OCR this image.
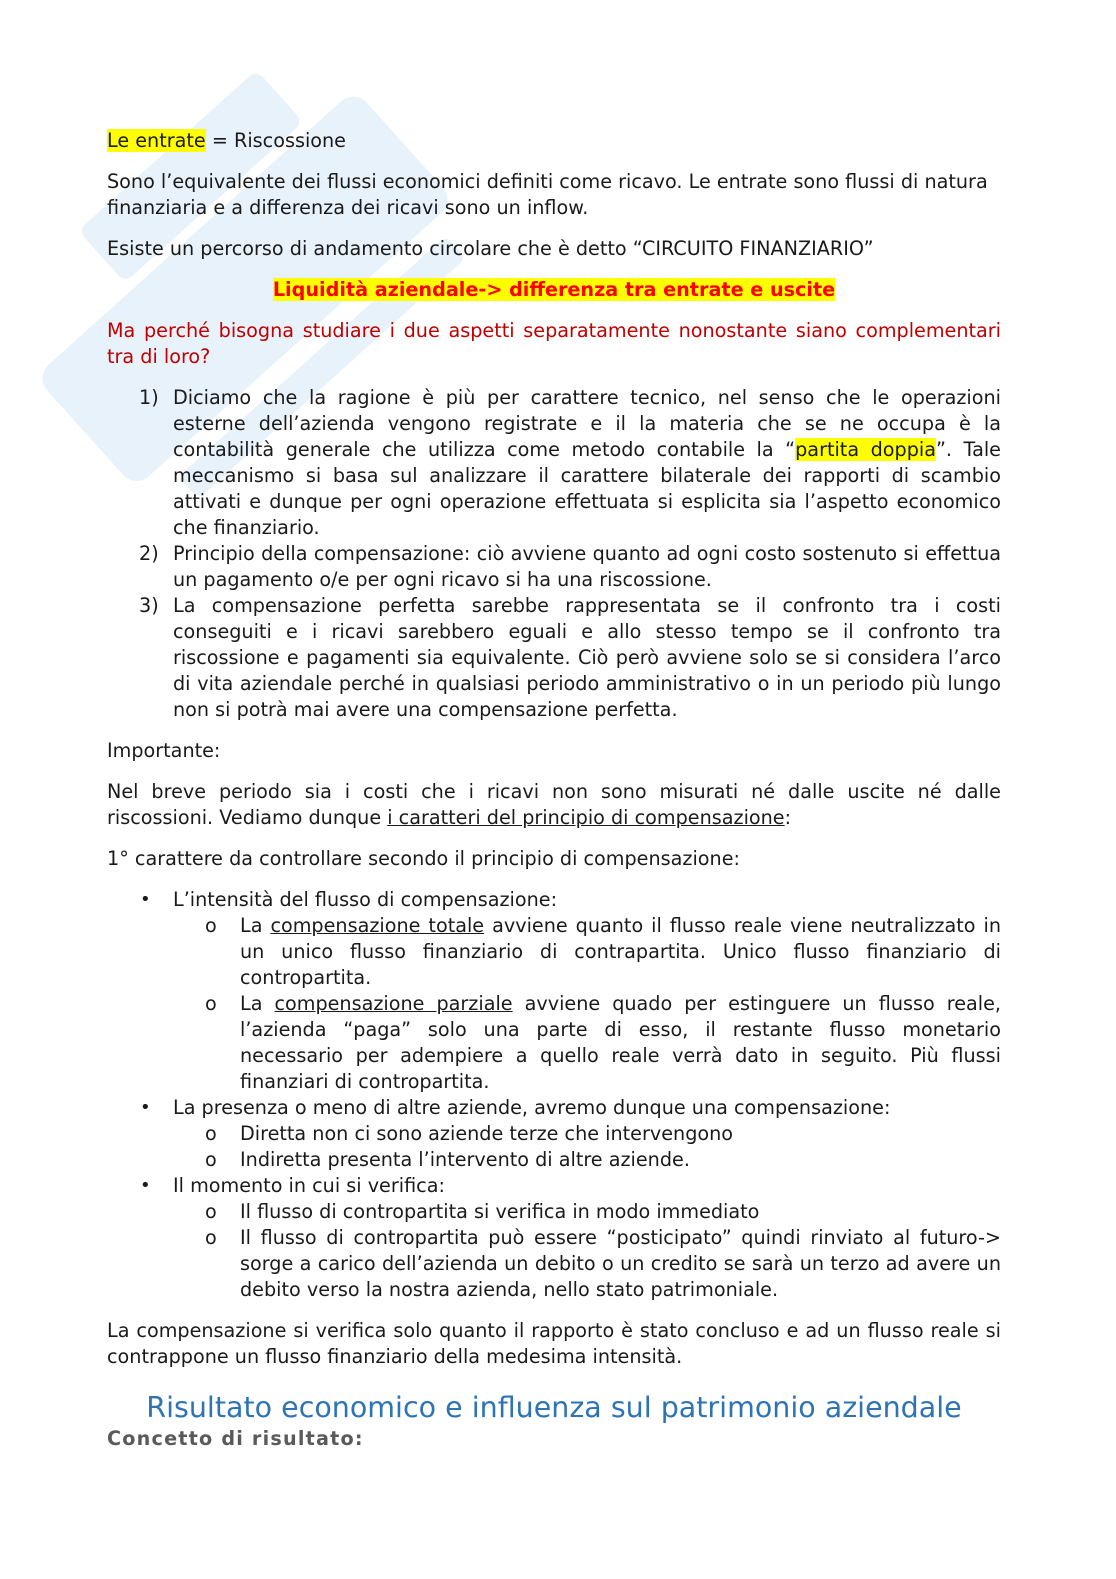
Le entrate = Riscossione

Sono l’equivalente dei flussi economici definiti come ricavo. Le entrate sono flussi di natura finanziaria e a differenza dei ricavi sono un inflow.

Esiste un percorso di andamento circolare che è detto “CIRCUITO FINANZIARIO”

Liquidità aziendale-> differenza tra entrate e uscite

Ma perché bisogna studiare i due aspetti separatamente nonostante siano complementari tra di loro?

1) Diciamo che la ragione è più per carattere tecnico, nel senso che le operazioni esterne dell’azienda vengono registrate e il la materia che se ne occupa è la contabilità generale che utilizza come metodo contabile la “partita doppia”. Tale meccanismo si basa sul analizzare il carattere bilaterale dei rapporti di scambio attivati e dunque per ogni operazione effettuata si esplicita sia l’aspetto economico che finanziario.
2) Principio della compensazione: ciò avviene quanto ad ogni costo sostenuto si effettua un pagamento o/e per ogni ricavo si ha una riscossione.
3) La compensazione perfetta sarebbe rappresentata se il confronto tra i costi conseguiti e i ricavi sarebbero eguali e allo stesso tempo se il confronto tra riscossione e pagamenti sia equivalente. Ciò però avviene solo se si considera l’arco di vita aziendale perché in qualsiasi periodo amministrativo o in un periodo più lungo non si potrà mai avere una compensazione perfetta.

Importante:

Nel breve periodo sia i costi che i ricavi non sono misurati né dalle uscite né dalle riscossioni. Vediamo dunque i caratteri del principio di compensazione:

1° carattere da controllare secondo il principio di compensazione:

• L’intensità del flusso di compensazione:
o La compensazione totale avviene quanto il flusso reale viene neutralizzato in un unico flusso finanziario di contrapartita. Unico flusso finanziario di contropartita.
o La compensazione parziale avviene quado per estinguere un flusso reale, l’azienda “paga” solo una parte di esso, il restante flusso monetario necessario per adempiere a quello reale verrà dato in seguito. Più flussi finanziari di contropartita.
• La presenza o meno di altre aziende, avremo dunque una compensazione:
o Diretta non ci sono aziende terze che intervengono
o Indiretta presenta l’intervento di altre aziende.
• Il momento in cui si verifica:
o Il flusso di contropartita si verifica in modo immediato
o Il flusso di contropartita può essere “posticipato” quindi rinviato al futuro-> sorge a carico dell’azienda un debito o un credito se sarà un terzo ad avere un debito verso la nostra azienda, nello stato patrimoniale.

La compensazione si verifica solo quanto il rapporto è stato concluso e ad un flusso reale si contrappone un flusso finanziario della medesima intensità.

Risultato economico e influenza sul patrimonio aziendale
Concetto di risultato:
